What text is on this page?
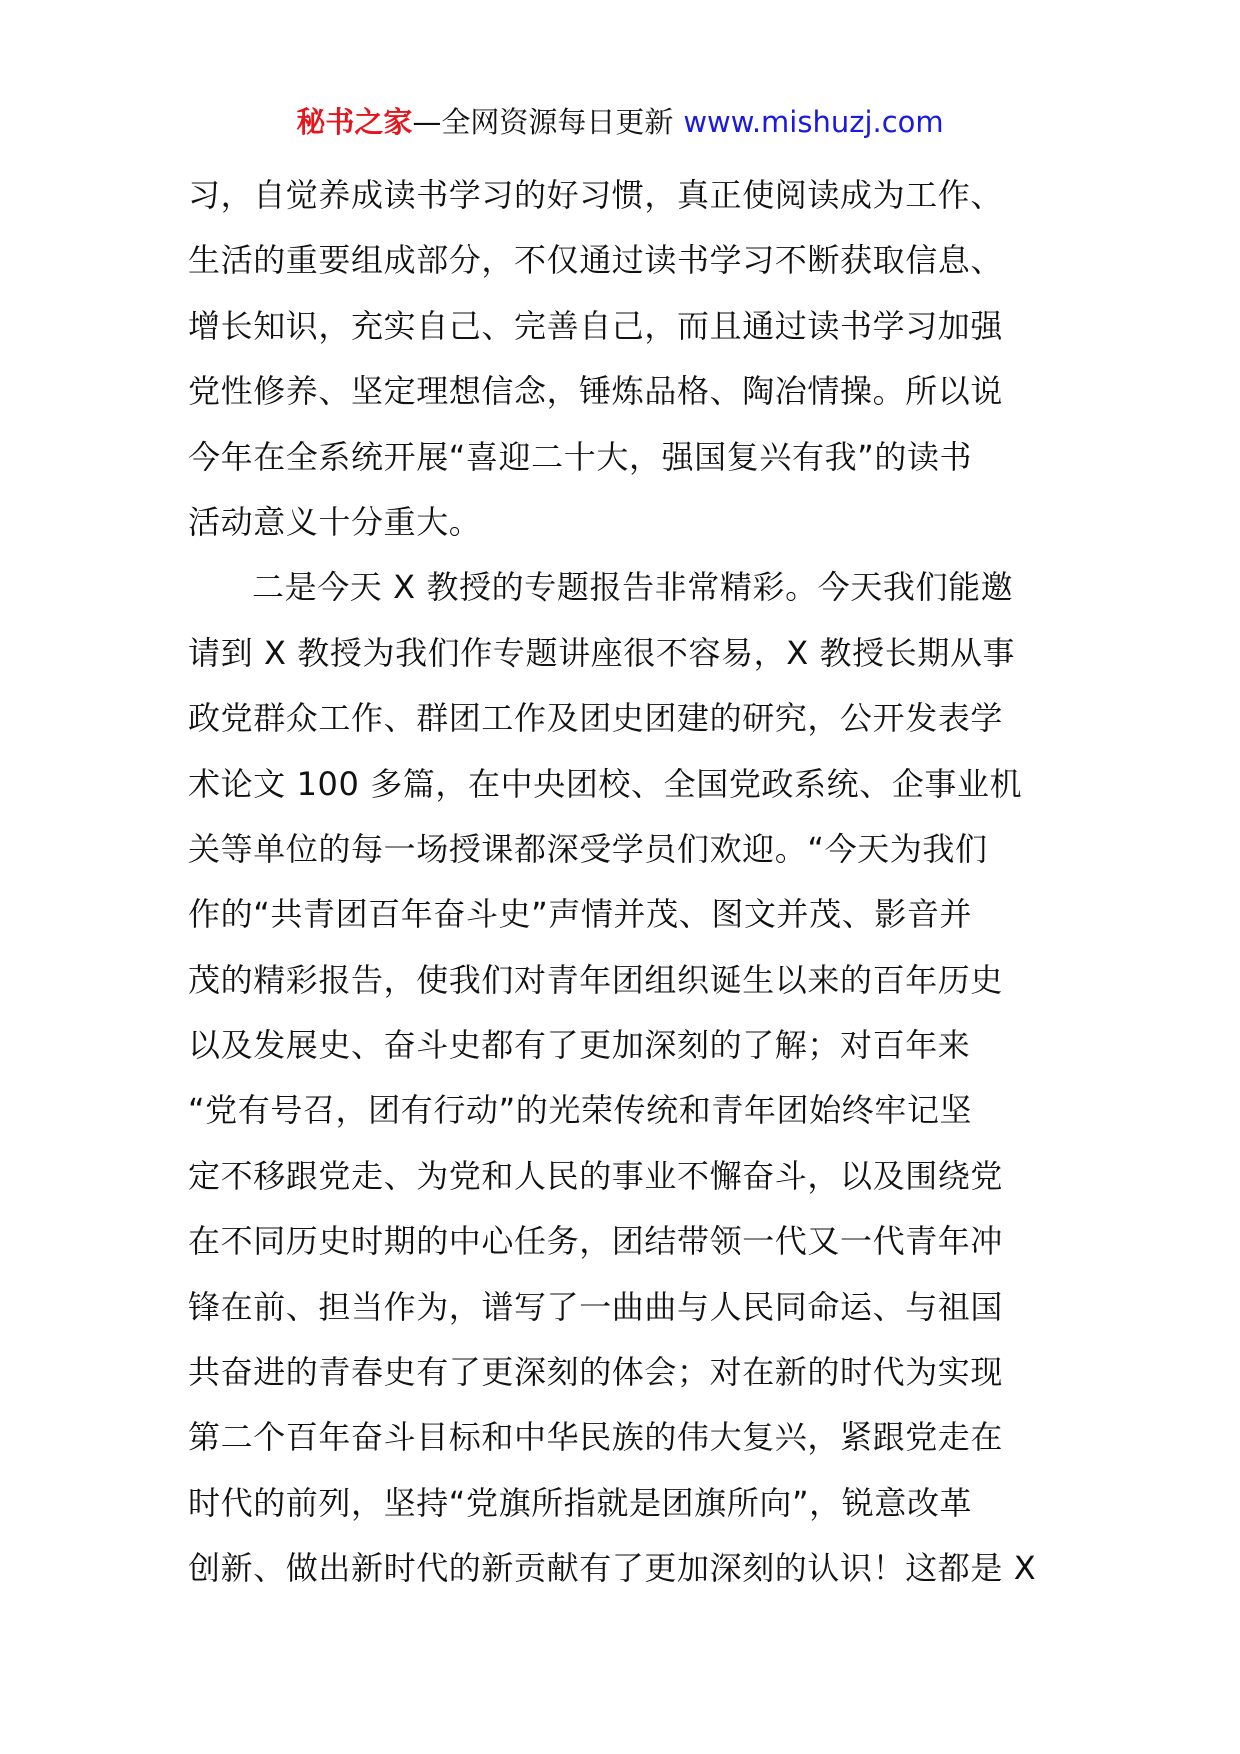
秘书之家—全网资源每日更新 www.mishuzj.com
习，自觉养成读书学习的好习惯，真正使阅读成为工作、
生活的重要组成部分，不仅通过读书学习不断获取信息、
增长知识，充实自己、完善自己，而且通过读书学习加强
党性修养、坚定理想信念，锤炼品格、陶冶情操。所以说
今年在全系统开展“喜迎二十大，强国复兴有我”的读书
活动意义十分重大。
二是今天 X 教授的专题报告非常精彩。今天我们能邀
请到 X 教授为我们作专题讲座很不容易，X 教授长期从事
政党群众工作、群团工作及团史团建的研究，公开发表学
术论文 100 多篇，在中央团校、全国党政系统、企事业机
关等单位的每一场授课都深受学员们欢迎。“今天为我们
作的“共青团百年奋斗史”声情并茂、图文并茂、影音并
茂的精彩报告，使我们对青年团组织诞生以来的百年历史
以及发展史、奋斗史都有了更加深刻的了解；对百年来
“党有号召，团有行动”的光荣传统和青年团始终牢记坚
定不移跟党走、为党和人民的事业不懈奋斗，以及围绕党
在不同历史时期的中心任务，团结带领一代又一代青年冲
锋在前、担当作为，谱写了一曲曲与人民同命运、与祖国
共奋进的青春史有了更深刻的体会；对在新的时代为实现
第二个百年奋斗目标和中华民族的伟大复兴，紧跟党走在
时代的前列，坚持“党旗所指就是团旗所向”，锐意改革
创新、做出新时代的新贡献有了更加深刻的认识！这都是 X
